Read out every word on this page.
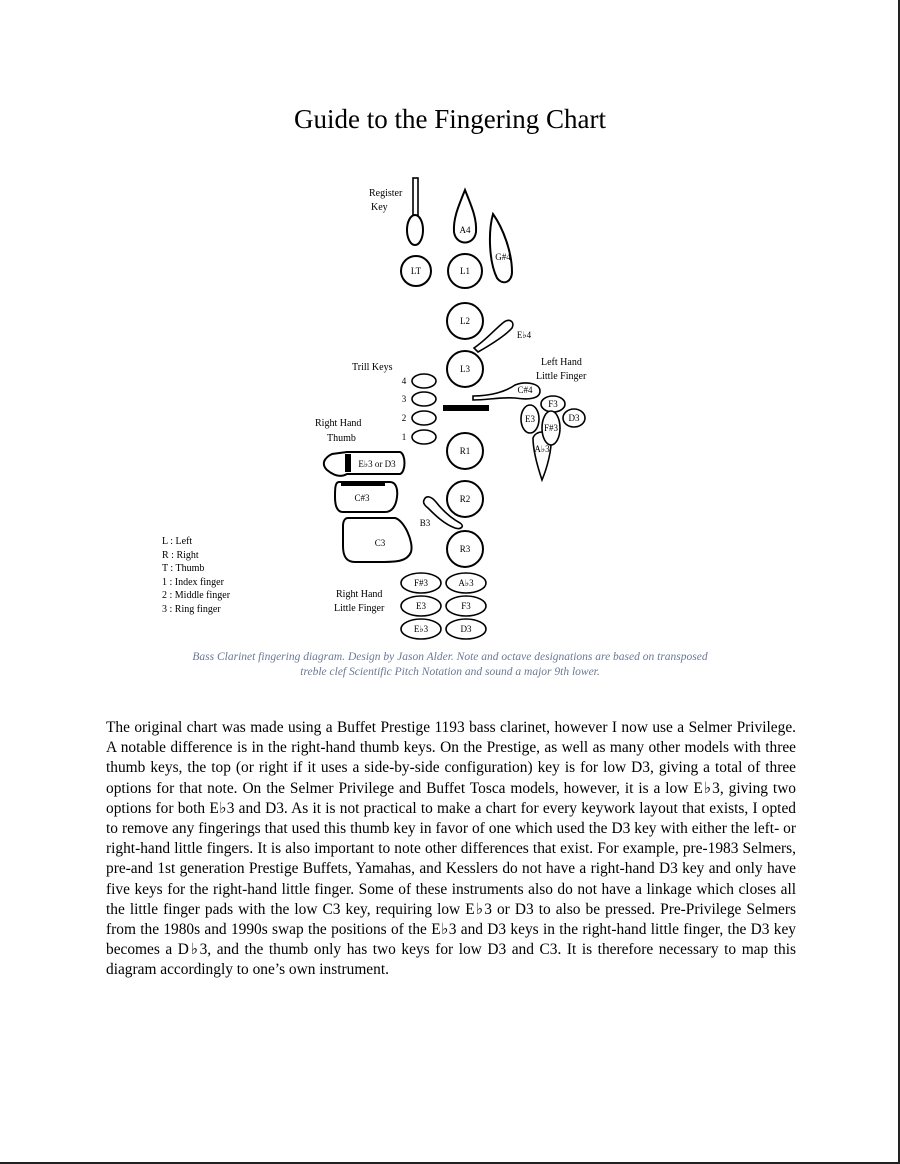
Guide to the Fingering Chart
Register
Key
A4
G#4
LT	L1
L2
E♭4
L3
Trill Keys
4
3
2
1
C#4
Left Hand
Little Finger
F3
D3
A♭3
E3
F#3
Right Hand
Thumb
E♭3 or D3
C#3
C3
R1
R2
B3
R3
Right Hand
Little Finger
F#3	A♭3
E3	F3
E♭3	D3
L : Left
R : Right
T : Thumb
1 : Index finger
2 : Middle finger
3 : Ring finger
Bass Clarinet fingering diagram. Design by Jason Alder. Note and octave designations are based on transposed
treble clef Scientific Pitch Notation and sound a major 9th lower.
The original chart was made using a Buffet Prestige 1193 bass clarinet, however I now use a Selmer Privilege. A notable difference is in the right-hand thumb keys. On the Prestige, as well as many other models with three thumb keys, the top (or right if it uses a side-by-side configuration) key is for low D3, giving a total of three options for that note. On the Selmer Privilege and Buffet Tosca models, however, it is a low E♭3, giving two options for both E♭3 and D3. As it is not practical to make a chart for every keywork layout that exists, I opted to remove any fingerings that used this thumb key in favor of one which used the D3 key with either the left- or right-hand little fingers. It is also important to note other differences that exist. For example, pre-1983 Selmers, pre-and 1st generation Prestige Buffets, Yamahas, and Kesslers do not have a right-hand D3 key and only have five keys for the right-hand little finger. Some of these instruments also do not have a linkage which closes all the little finger pads with the low C3 key, requiring low E♭3 or D3 to also be pressed. Pre-Privilege Selmers from the 1980s and 1990s swap the positions of the E♭3 and D3 keys in the right-hand little finger, the D3 key becomes a D♭3, and the thumb only has two keys for low D3 and C3. It is therefore necessary to map this diagram accordingly to one’s own instrument.
